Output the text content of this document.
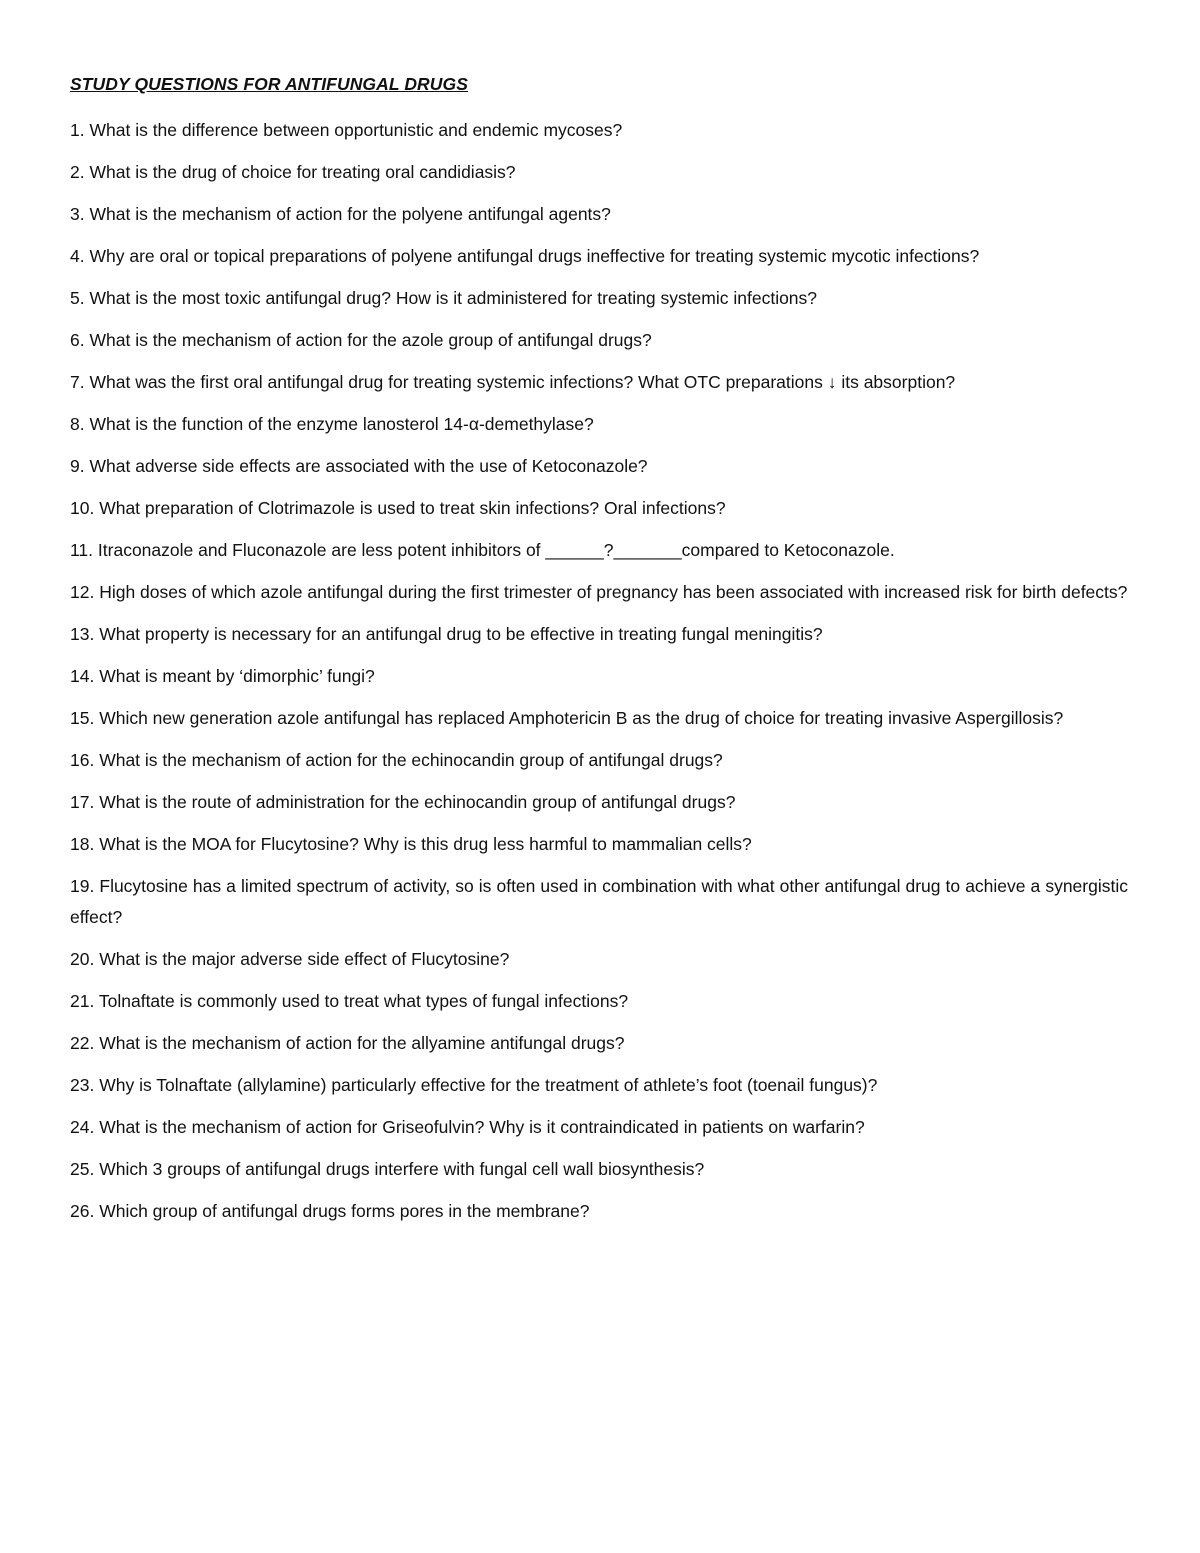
STUDY QUESTIONS FOR ANTIFUNGAL DRUGS
1. What is the difference between opportunistic and endemic mycoses?
2. What is the drug of choice for treating oral candidiasis?
3. What is the mechanism of action for the polyene antifungal agents?
4. Why are oral or topical preparations of polyene antifungal drugs ineffective for treating systemic mycotic infections?
5. What is the most toxic antifungal drug? How is it administered for treating systemic infections?
6. What is the mechanism of action for the azole group of antifungal drugs?
7. What was the first oral antifungal drug for treating systemic infections? What OTC preparations ↓ its absorption?
8. What is the function of the enzyme lanosterol 14-α-demethylase?
9. What adverse side effects are associated with the use of Ketoconazole?
10. What preparation of Clotrimazole is used to treat skin infections? Oral infections?
11. Itraconazole and Fluconazole are less potent inhibitors of ______?_______compared to Ketoconazole.
12. High doses of which azole antifungal during the first trimester of pregnancy has been associated with increased risk for birth defects?
13. What property is necessary for an antifungal drug to be effective in treating fungal meningitis?
14. What is meant by ‘dimorphic’ fungi?
15. Which new generation azole antifungal has replaced Amphotericin B as the drug of choice for treating invasive Aspergillosis?
16. What is the mechanism of action for the echinocandin group of antifungal drugs?
17. What is the route of administration for the echinocandin group of antifungal drugs?
18. What is the MOA for Flucytosine? Why is this drug less harmful to mammalian cells?
19. Flucytosine has a limited spectrum of activity, so is often used in combination with what other antifungal drug to achieve a synergistic effect?
20. What is the major adverse side effect of Flucytosine?
21. Tolnaftate is commonly used to treat what types of fungal infections?
22. What is the mechanism of action for the allyamine antifungal drugs?
23. Why is Tolnaftate (allylamine) particularly effective for the treatment of athlete’s foot (toenail fungus)?
24. What is the mechanism of action for Griseofulvin? Why is it contraindicated in patients on warfarin?
25. Which 3 groups of antifungal drugs interfere with fungal cell wall biosynthesis?
26. Which group of antifungal drugs forms pores in the membrane?
